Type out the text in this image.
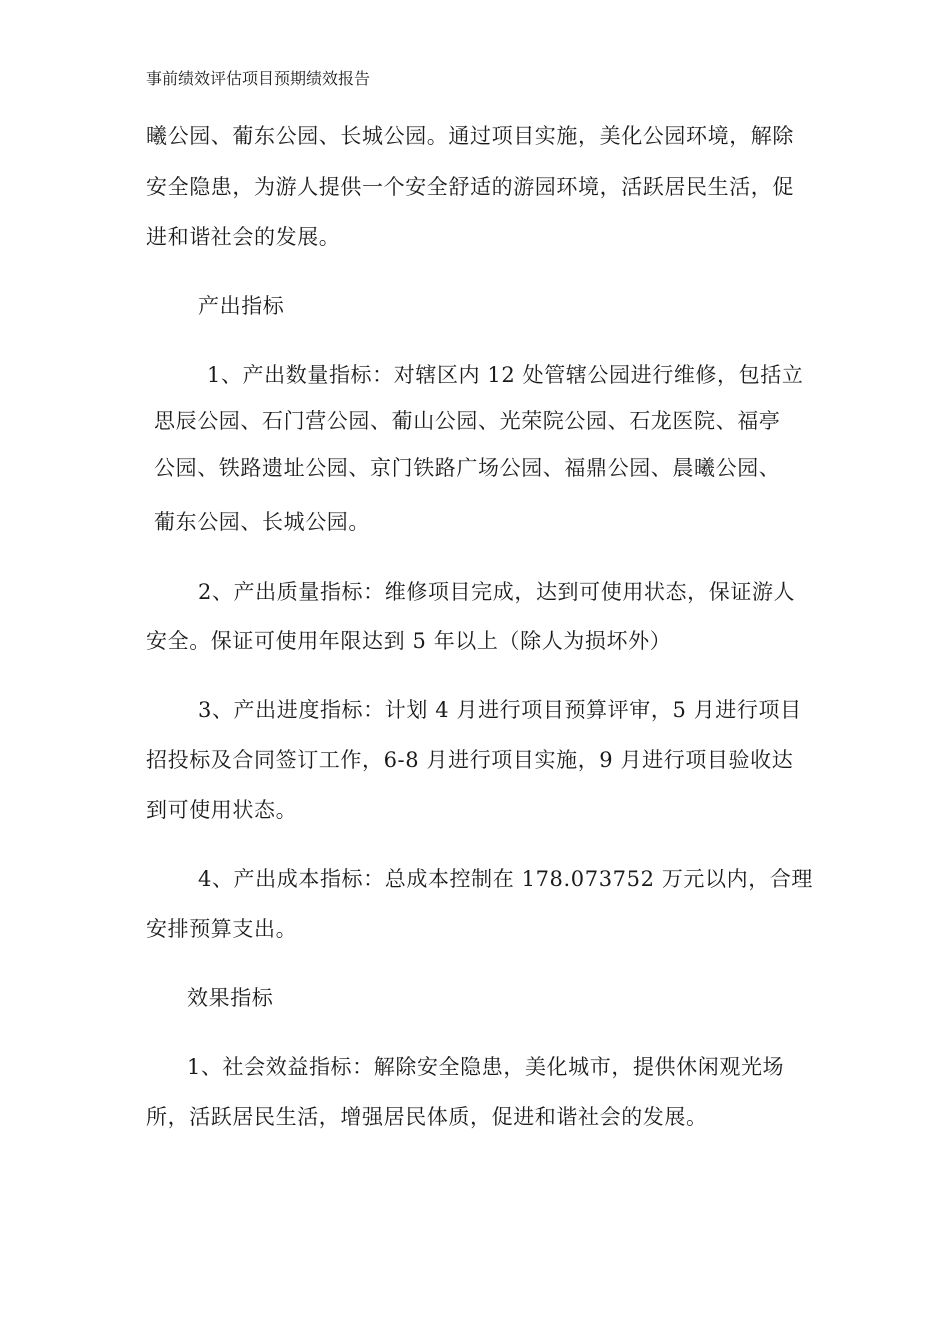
事前绩效评估项目预期绩效报告
曦公园、葡东公园、长城公园。通过项目实施，美化公园环境，解除
安全隐患，为游人提供一个安全舒适的游园环境，活跃居民生活，促
进和谐社会的发展。
产出指标
1、产出数量指标：对辖区内 12 处管辖公园进行维修，包括立
思辰公园、石门营公园、葡山公园、光荣院公园、石龙医院、福亭
公园、铁路遗址公园、京门铁路广场公园、福鼎公园、晨曦公园、
葡东公园、长城公园。
2、产出质量指标：维修项目完成，达到可使用状态，保证游人
安全。保证可使用年限达到 5 年以上（除人为损坏外）
3、产出进度指标：计划 4 月进行项目预算评审，5 月进行项目
招投标及合同签订工作，6-8 月进行项目实施，9 月进行项目验收达
到可使用状态。
4、产出成本指标：总成本控制在 178.073752 万元以内，合理
安排预算支出。
效果指标
1、社会效益指标：解除安全隐患，美化城市，提供休闲观光场
所，活跃居民生活，增强居民体质，促进和谐社会的发展。
